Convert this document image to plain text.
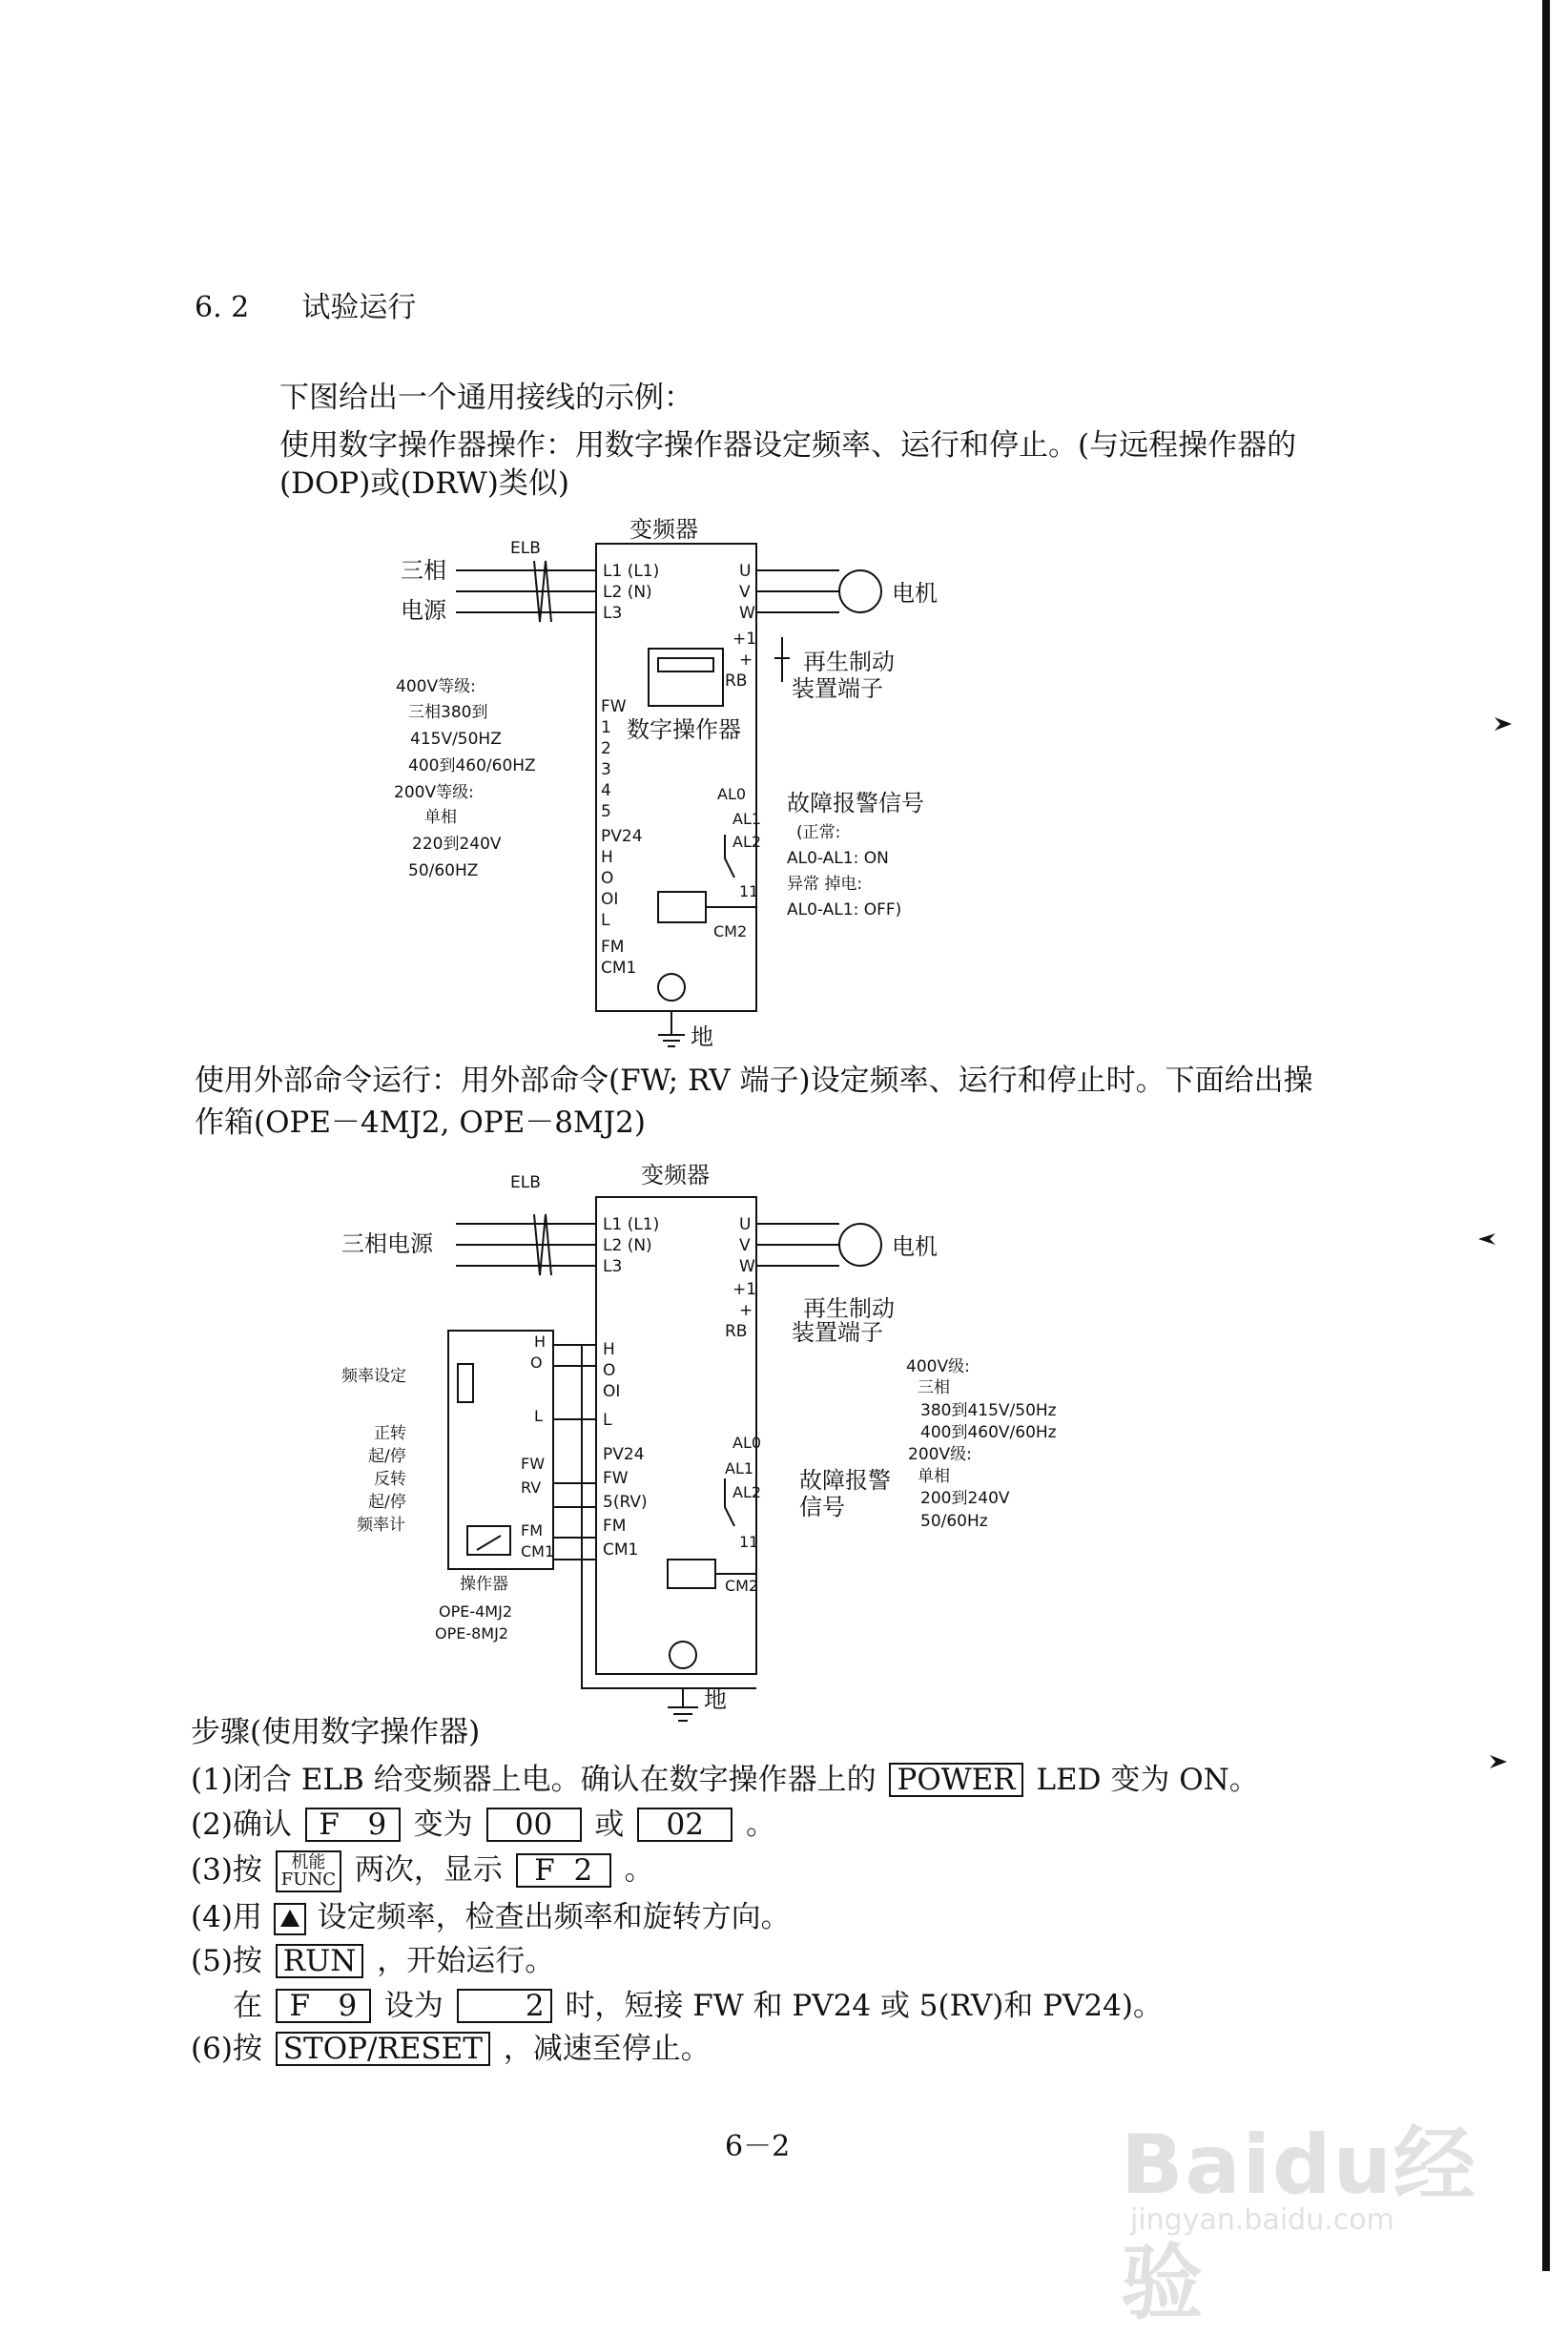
6. 2 试验运行
下图给出一个通用接线的示例：
使用数字操作器操作：用数字操作器设定频率、运行和停止。(与远程操作器的
(DOP)或(DRW)类似)
变频器
ELB
三相
电源
L1 (L1)
L2 (N)
L3
U
V
W
电机
+1
+
RB
再生制动
装置端子
数字操作器
FW
1
2
3
4
5
PV24
H
O
OI
L
FM
CM1
400V等级:
三相380到
415V/50HZ
400到460/60HZ
200V等级:
单相
220到240V
50/60HZ
AL0
AL1
AL2
故障报警信号
(正常:
AL0-AL1: ON
异常 掉电:
AL0-AL1: OFF)
11
CM2
地
变频器
ELB
三相电源
L1 (L1)
L2 (N)
L3
U
V
W
电机
+1
+
RB
再生制动
装置端子
H
O
OI
L
PV24
FW
5(RV)
FM
CM1
H
O
L
FW
RV
FM
CM1
频率设定
正转
起/停
反转
起/停
频率计
操作器
OPE-4MJ2
OPE-8MJ2
AL0
AL1
AL2 故障报警
信号
400V级:
三相
380到415V/50Hz
400到460V/60Hz
200V级:
单相
200到240V
50/60Hz
11
CM2
地
使用外部命令运行：用外部命令(FW; RV 端子)设定频率、运行和停止时。下面给出操
作箱(OPE－4MJ2, OPE－8MJ2)
步骤(使用数字操作器)
(1)闭合 ELB 给变频器上电。确认在数字操作器上的 POWER LED 变为 ON。
(2)确认 F 9 变为 00 或 02 。
(3)按	机能
FUNC 两次，显示 F 2 。
(4)用 设定频率，检查出频率和旋转方向。
(5)按 RUN ，开始运行。
在 F 9 设为	2 时，短接 FW 和 PV24 或 5(RV)和 PV24)。
(6)按 STOP/RESET ，减速至停止。
6－2	Baidu经验
jingyan.baidu.com
